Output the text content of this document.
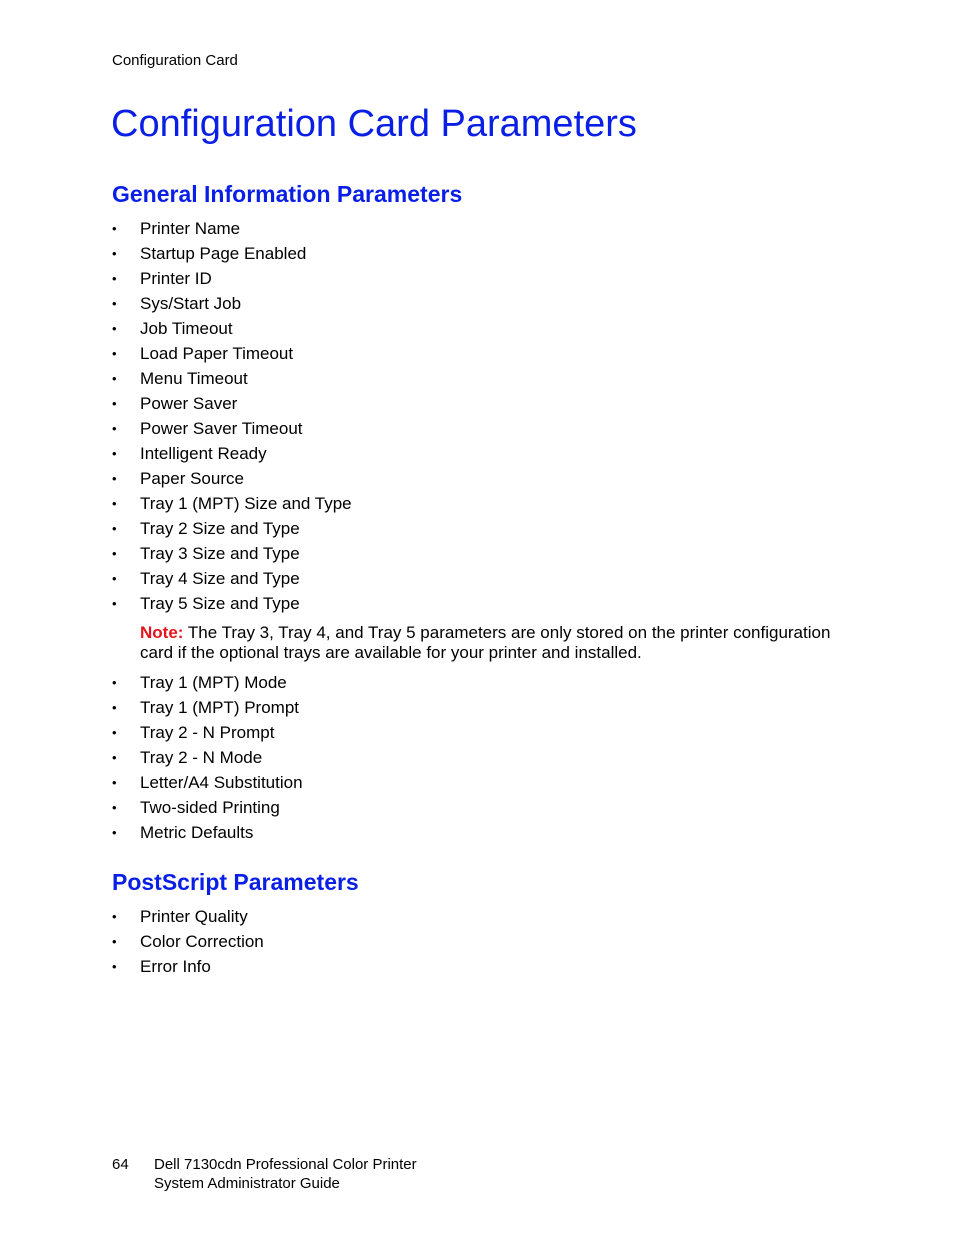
Configuration Card
Configuration Card Parameters
General Information Parameters
• Printer Name
• Startup Page Enabled
• Printer ID
• Sys/Start Job
• Job Timeout
• Load Paper Timeout
• Menu Timeout
• Power Saver
• Power Saver Timeout
• Intelligent Ready
• Paper Source
• Tray 1 (MPT) Size and Type
• Tray 2 Size and Type
• Tray 3 Size and Type
• Tray 4 Size and Type
• Tray 5 Size and Type
Note: The Tray 3, Tray 4, and Tray 5 parameters are only stored on the printer configuration card if the optional trays are available for your printer and installed.
• Tray 1 (MPT) Mode
• Tray 1 (MPT) Prompt
• Tray 2 - N Prompt
• Tray 2 - N Mode
• Letter/A4 Substitution
• Two-sided Printing
• Metric Defaults
PostScript Parameters
• Printer Quality
• Color Correction
• Error Info
64 Dell 7130cdn Professional Color Printer
System Administrator Guide
